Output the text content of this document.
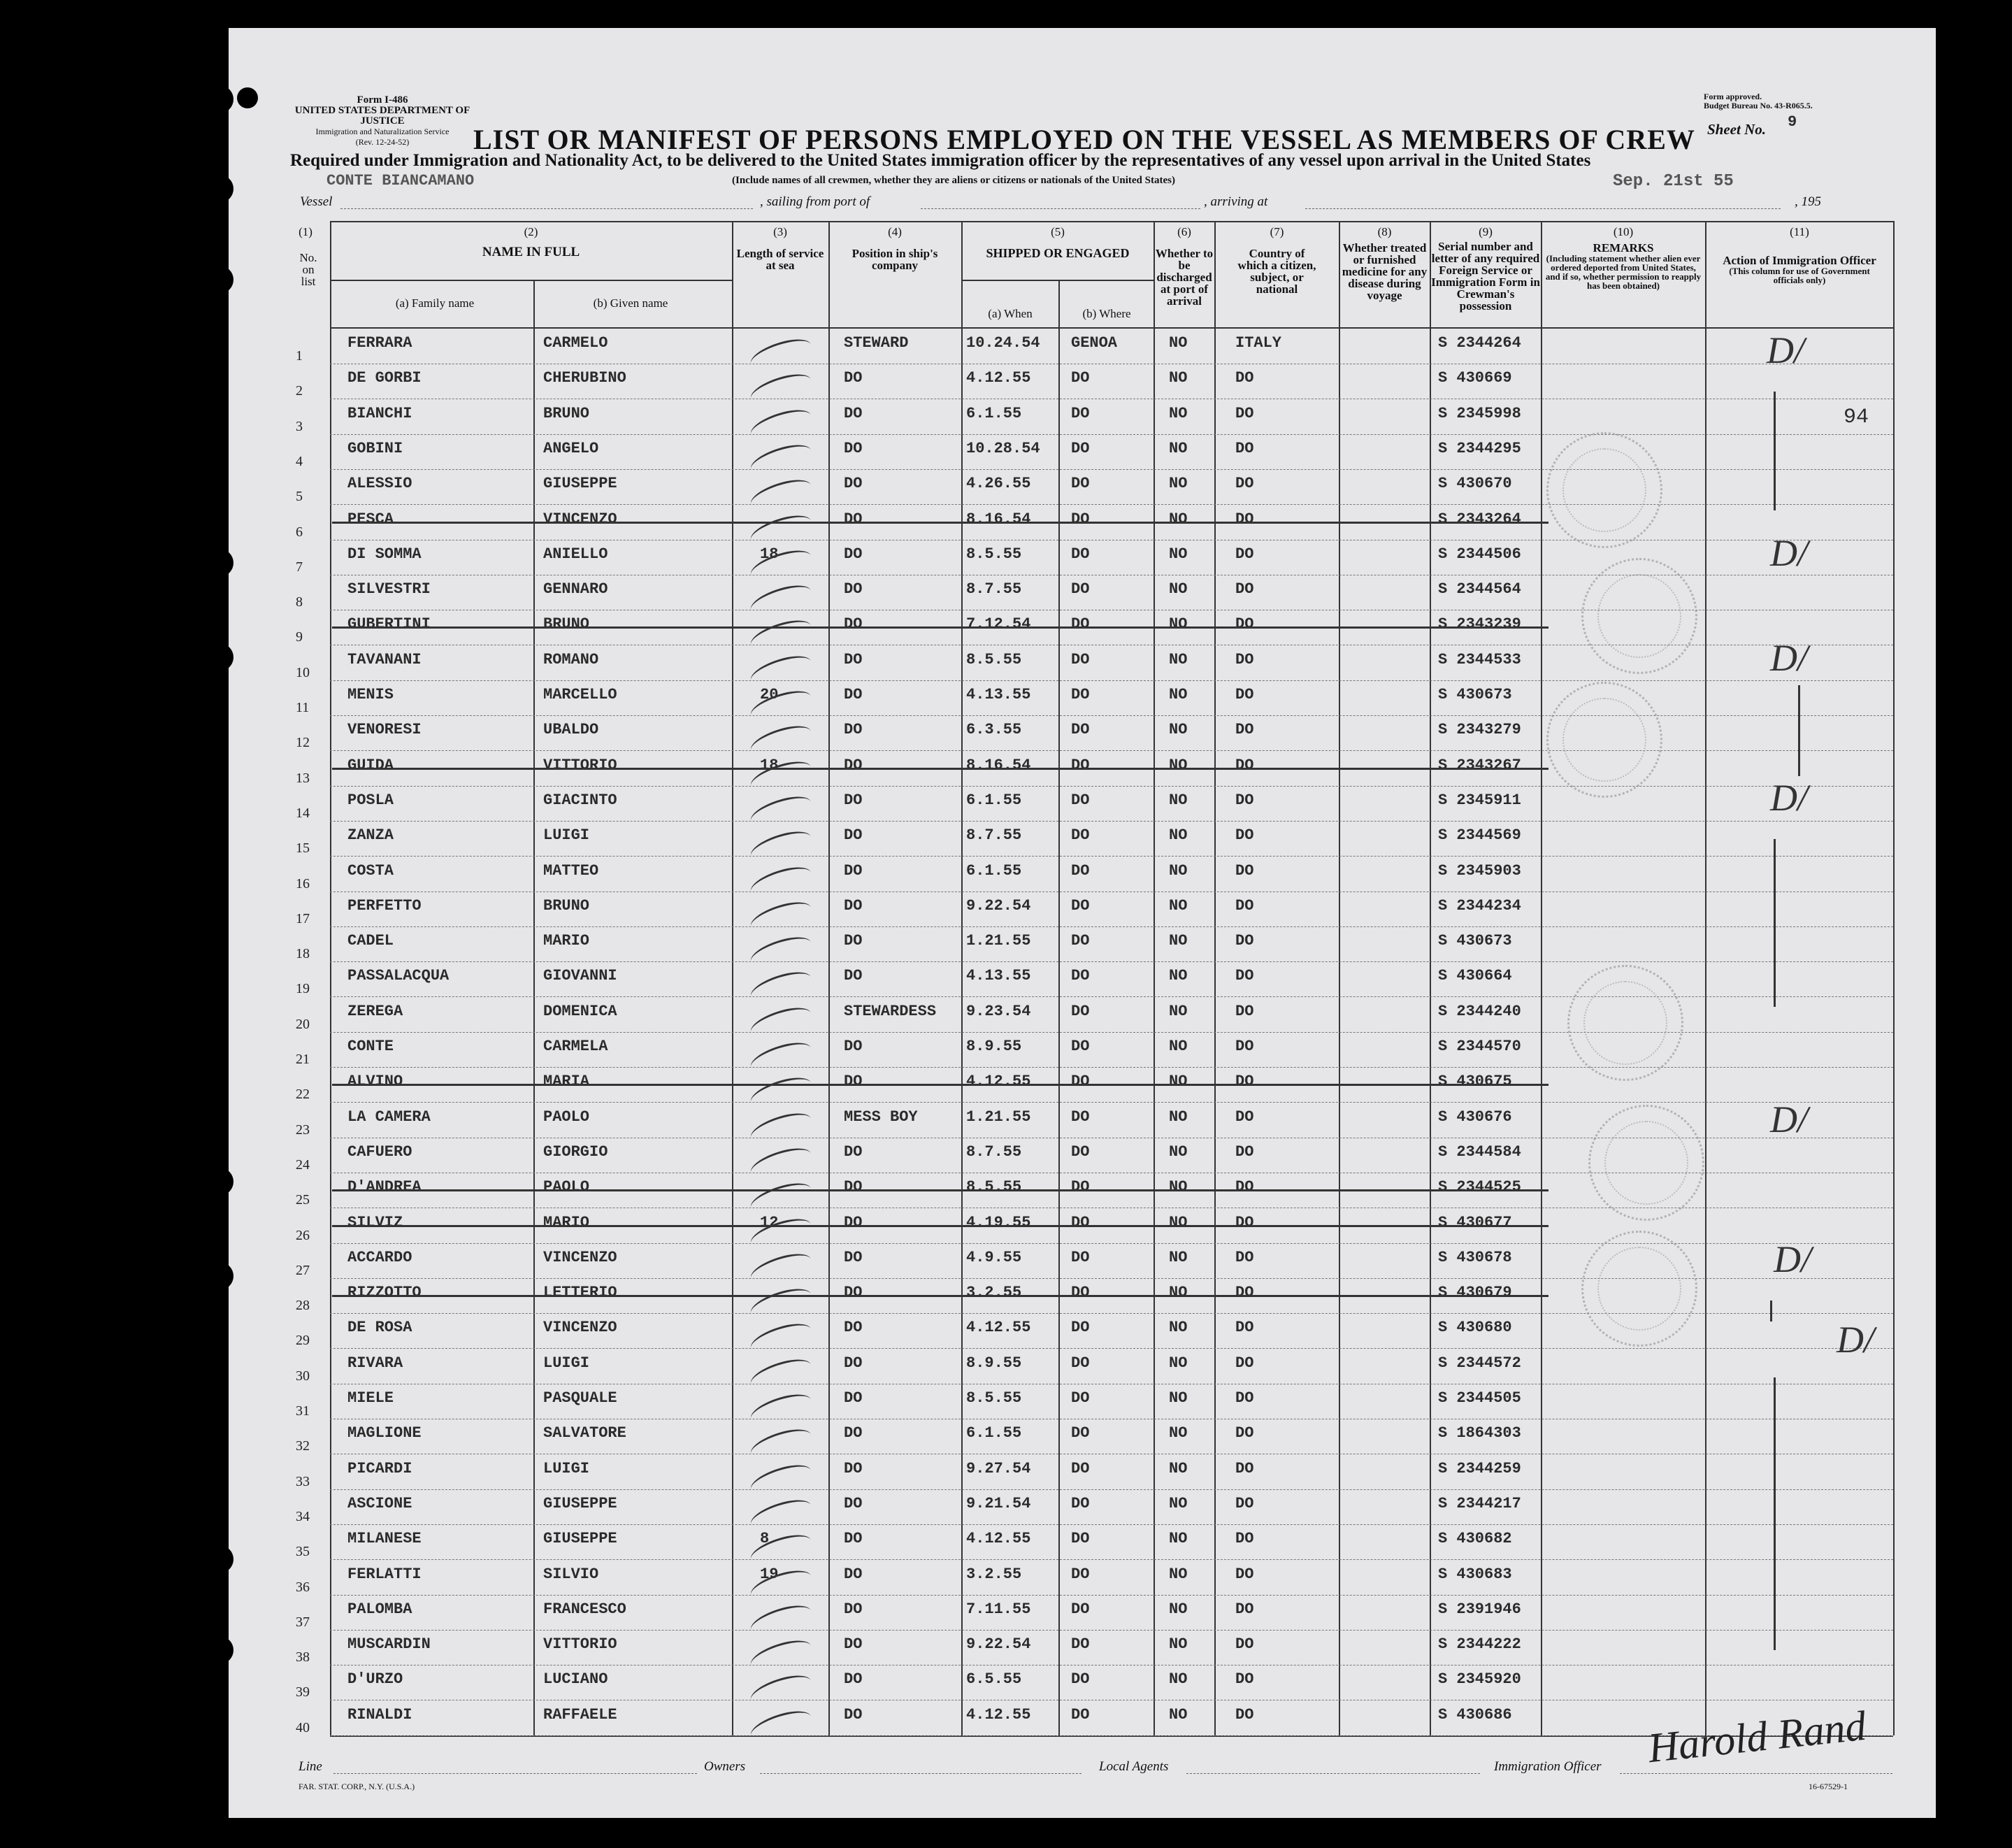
Form I-486
UNITED STATES DEPARTMENT OF JUSTICE
Immigration and Naturalization Service
(Rev. 12-24-52)
Form approved.
Budget Bureau No. 43-R065.5.
Sheet No. 9
LIST OR MANIFEST OF PERSONS EMPLOYED ON THE VESSEL AS MEMBERS OF CREW
Required under Immigration and Nationality Act, to be delivered to the United States immigration officer by the representatives of any vessel upon arrival in the United States
(Include names of all crewmen, whether they are aliens or citizens or nationals of the United States)
Vessel
CONTE BIANCAMANO
, sailing from port of	, arriving at
Sep. 21st 55
, 195
(1)
No. on list
(2)
NAME IN FULL
(a) Family name	(b) Given name
(3)
Length of service at sea
(4)
Position in ship's company
(5)
SHIPPED OR ENGAGED
(a) When	(b) Where
(6)
Whether to be discharged at port of arrival
(7)
Country of which a citizen, subject, or national
(8)
Whether treated or furnished medicine for any disease during voyage
(9)
Serial number and letter of any required Foreign Service or Immigration Form in Crewman's possession
(10)
REMARKS
(Including statement whether alien ever ordered deported from United States, and if so, whether permission to reapply has been obtained)
(11)
Action of Immigration Officer
(This column for use of Government officials only)
1
FERRARA	CARMELO	STEWARD	10.24.54 GENOA	NO	ITALY	S 2344264
2
DE GORBI	CHERUBINO	DO	4.12.55	DO	NO	DO	S 430669
3
BIANCHI	BRUNO	DO	6.1.55	DO	NO	DO	S 2345998
4
GOBINI	ANGELO	DO	10.28.54 DO	NO	DO	S 2344295
5
ALESSIO	GIUSEPPE	DO	4.26.55	DO	NO	DO	S 430670
6
PESCA	VINCENZO	DO	8.16.54	DO	NO	DO	S 2343264
7
DI SOMMA	ANIELLO	18	DO	8.5.55	DO	NO	DO	S 2344506
8
SILVESTRI	GENNARO	DO	8.7.55	DO	NO	DO	S 2344564
9
GUBERTINI	BRUNO	DO	7.12.54	DO	NO	DO	S 2343239
10
TAVANANI	ROMANO	DO	8.5.55	DO	NO	DO	S 2344533
11
MENIS	MARCELLO	20	DO	4.13.55	DO	NO	DO	S 430673
12
VENORESI	UBALDO	DO	6.3.55	DO	NO	DO	S 2343279
13
GUIDA	VITTORIO	18	DO	8.16.54	DO	NO	DO	S 2343267
14
POSLA	GIACINTO	DO	6.1.55	DO	NO	DO	S 2345911
15
ZANZA	LUIGI	DO	8.7.55	DO	NO	DO	S 2344569
16
COSTA	MATTEO	DO	6.1.55	DO	NO	DO	S 2345903
17
PERFETTO	BRUNO	DO	9.22.54	DO	NO	DO	S 2344234
18
CADEL	MARIO	DO	1.21.55	DO	NO	DO	S 430673
19
PASSALACQUA	GIOVANNI	DO	4.13.55	DO	NO	DO	S 430664
20
ZEREGA	DOMENICA	STEWARDESS 9.23.54	DO	NO	DO	S 2344240
21
CONTE	CARMELA	DO	8.9.55	DO	NO	DO	S 2344570
22
ALVINO	MARIA	DO	4.12.55	DO	NO	DO	S 430675
23
LA CAMERA	PAOLO	MESS BOY	1.21.55	DO	NO	DO	S 430676
24
CAFUERO	GIORGIO	DO	8.7.55	DO	NO	DO	S 2344584
25
D'ANDREA	PAOLO	DO	8.5.55	DO	NO	DO	S 2344525
26
SILVIZ	MARIO	12	DO	4.19.55	DO	NO	DO	S 430677
27
ACCARDO	VINCENZO	DO	4.9.55	DO	NO	DO	S 430678
28
RIZZOTTO	LETTERIO	DO	3.2.55	DO	NO	DO	S 430679
29
DE ROSA	VINCENZO	DO	4.12.55	DO	NO	DO	S 430680
30
RIVARA	LUIGI	DO	8.9.55	DO	NO	DO	S 2344572
31
MIELE	PASQUALE	DO	8.5.55	DO	NO	DO	S 2344505
32
MAGLIONE	SALVATORE	DO	6.1.55	DO	NO	DO	S 1864303
33
PICARDI	LUIGI	DO	9.27.54	DO	NO	DO	S 2344259
34
ASCIONE	GIUSEPPE	DO	9.21.54	DO	NO	DO	S 2344217
35
MILANESE	GIUSEPPE	8	DO	4.12.55	DO	NO	DO	S 430682
36
FERLATTI	SILVIO	19	DO	3.2.55	DO	NO	DO	S 430683
37
PALOMBA	FRANCESCO	DO	7.11.55	DO	NO	DO	S 2391946
38
MUSCARDIN	VITTORIO	DO	9.22.54	DO	NO	DO	S 2344222
39
D'URZO	LUCIANO	DO	6.5.55	DO	NO	DO	S 2345920
40
RINALDI	RAFFAELE	DO	4.12.55	DO	NO	DO	S 430686
D/
D/
D/
D/
D/
D/
D/
94
Line	Owners	Local Agents	Immigration Officer Harold Rand
FAR. STAT. CORP., N.Y. (U.S.A.)	16-67529-1
